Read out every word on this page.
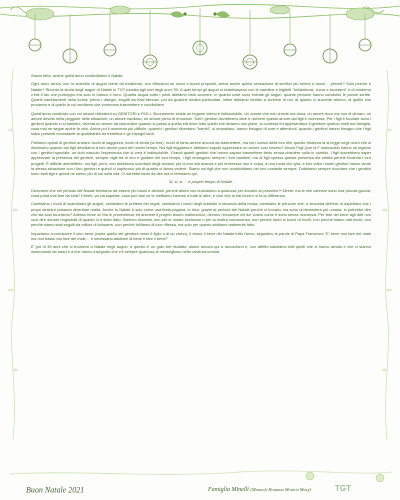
Siamo felici, anche quest'anno condividiamo il Natale.

Ogni anno arriva, con lo scambio di auguri come da tradizione, con riflessioni su nuovi e buoni propositi, arriva anche quella sensazione di sentirci più sereni e buoni… perché? Solo perché è Natale? Ricordo la storia degli auguri di Natale in TGT iniziata agli inizi degli anni '90. A quei tempi gli auguri si scambiavano con le cartoline e biglietti "brillantinosi, cuore e buonismi" e di moderno c'era il fax che purtroppo era solo in bianco e nero. Quanta acqua sotto i ponti abbiamo visto scorrere, in quanto cose sono entrate gli auguri, quante persone hanno condiviso le parole scritte. Quanti cambiamenti nella forma: prima i disegni, seguiti da frasi famose, poi da qualche dedica particolare, infine abbiamo iniziato a scrivere di noi, di quanto ci succede attorno, di quello che proviamo e di quello in cui crediamo che vorremmo trasmettere e condividere.

Quest'anno condivido con voi alcune riflessioni su GENITORI e FIGLI. Sicuramente esiste un legame intimo e indissolubile. Un amore che non chiede ma dona, un amore ricco ma non di denaro, un amore devoto nella peggiore delle situazioni, un amore cardiaco, un amore pieno di emozioni. Tutti i genitori dovrebbero dare e ricevere questo amore dai figli e viceversa. Per i figli il focolare sono i genitori quando ci si bambini, diventa un amore da raccontare quando si passa a quella età dove tutto quello che diciamo non piace, si contesta ed appesantisce il genitore quando molti ma famiglia, cosa mai ne segue anche le crisi. Arriva poi il momento più difficile, quando i genitori diventano "bambi", si ammalano, hanno bisogno di cure e attenzioni, quando i genitori hanno bisogno che i figli siano presenti nonostante la quotidianità tra frenetica e gli impegni tanti.

Parliamo quindi di genitori anziani: ricchi di saggezza, ricchi di storia (la loro), ricchi di tanto amore ancora da trasmettere, ma ben consci della loro età, questo tristezza la si legge negli occhi che si illuminano quando noi figli decidiamo a loro anche poco del nostro tempo. Noi figli leggiamo e abbiamo saputo apprezzare un amore così sincero? Alcuni Figli (con la F maiuscola) hanno un legame con i genitori speciale: un dolo nascolo l'esperienza che si crea è indissolubile. Grandi questi genitori che hanno saputo trasmettere tanto senza chiedere nulla in cambio. I figli dovrebbero saper apprezzare la presenza dei genitori, sempre vigili tra di loro e guidare nel loro tempo, i figli rimangono sempre i loro bambini; ma ai figli spesso questa presenza sta stretta perché invanda i loro progetti. È difficile ammetterlo: noi figli, però, non dobbiamo scordarci degli anziani; più la loro età avanza e più tenerezza non è colpa, a una ruota che gira, a loro volta i nostri genitori hanno avuto la stessa situazione con i loro genitori e quindi ci capiscono più di quanto ci fanno vedere. Siamo noi figli che non condividiamo nel loro costante sempre. Dobbiamo sempre ricordare che i genitori sono stati figli e quindi ne sanno più di noi sulla vita. Ci sarebbe tanto da dire ma ci fermiamo qui.

Si, si, si … è proprio tempo di Natale.

Dicevamo che nel periodo del Natale tendiamo ad essere più buoni e altruisti, perché allora non riuscissimo a qualcosa per donarlo al prossimo?! Direte: ma le mie carenze sono una piccola goccia, cosa potrà mai fare da sola? Eeeeh, va via sapesta, cosa può fare se le mettiamo insieme a tutte le altre, è così che tu hai forza e si fa la differenza.

Cambiamo i modi di scambiarci gli auguri, cambiamo le pretese dei regali, cambiamo i colori degli addobbi a seconda della moda, cambiano le persone che, a seconda dell'età, si aspettano che i propri desideri possano diventare realtà. Anche tu Natale è solo come una festa pagana, io dico: grazie al periodo del Natale perché ci trovano ora sono un'atmosfera più umana; si potrebbe dire che sia solo buonismo? Adesso forse sì! Ma le provenienze ed anchere il proprio tesoro malinconico, devono rincuorare chi sa' vostro come è sono senza ricchezza. Per fare del bene agli altri non vuol dire donare ringraziati di quanto ci è stato dato. Saremo ricordati, non per le nostre ricchezze o per la nostra conoscenza, non perché tanto si buoni di ricchi, non perché siamo nati ricchi, non perché siamo stati seguiti da milioni di followers, non perché brilliamo di luce riflessa, ma solo per quanto abbiamo realmente fatto.

Impariamo a conoscere il vero bene (come quello del genitore verso il figlio o di un vicino), il vivere il bene del Natale tutto l'anno; seguiamo le parole di Papa Francesco "E' bene non fare del male ma non basta non fare del male… è necessario adottare di bene e fare il bene!"

E' più di 30 anni che ci troviamo a Natale negli auguri, e questo è un gran bel risultato: siamo ancora qui a raccontarci e, con affetto salutiamo tutti quelli che ci hanno amato e che ci stanno osservando da lassù e a che hanno insegnato che c'è sempre qualcosa di meraviglioso nella creatura umana.

Buon Natale 2021	Famiglia Minelli (Manuele Romana Monica Mary)	TGT
